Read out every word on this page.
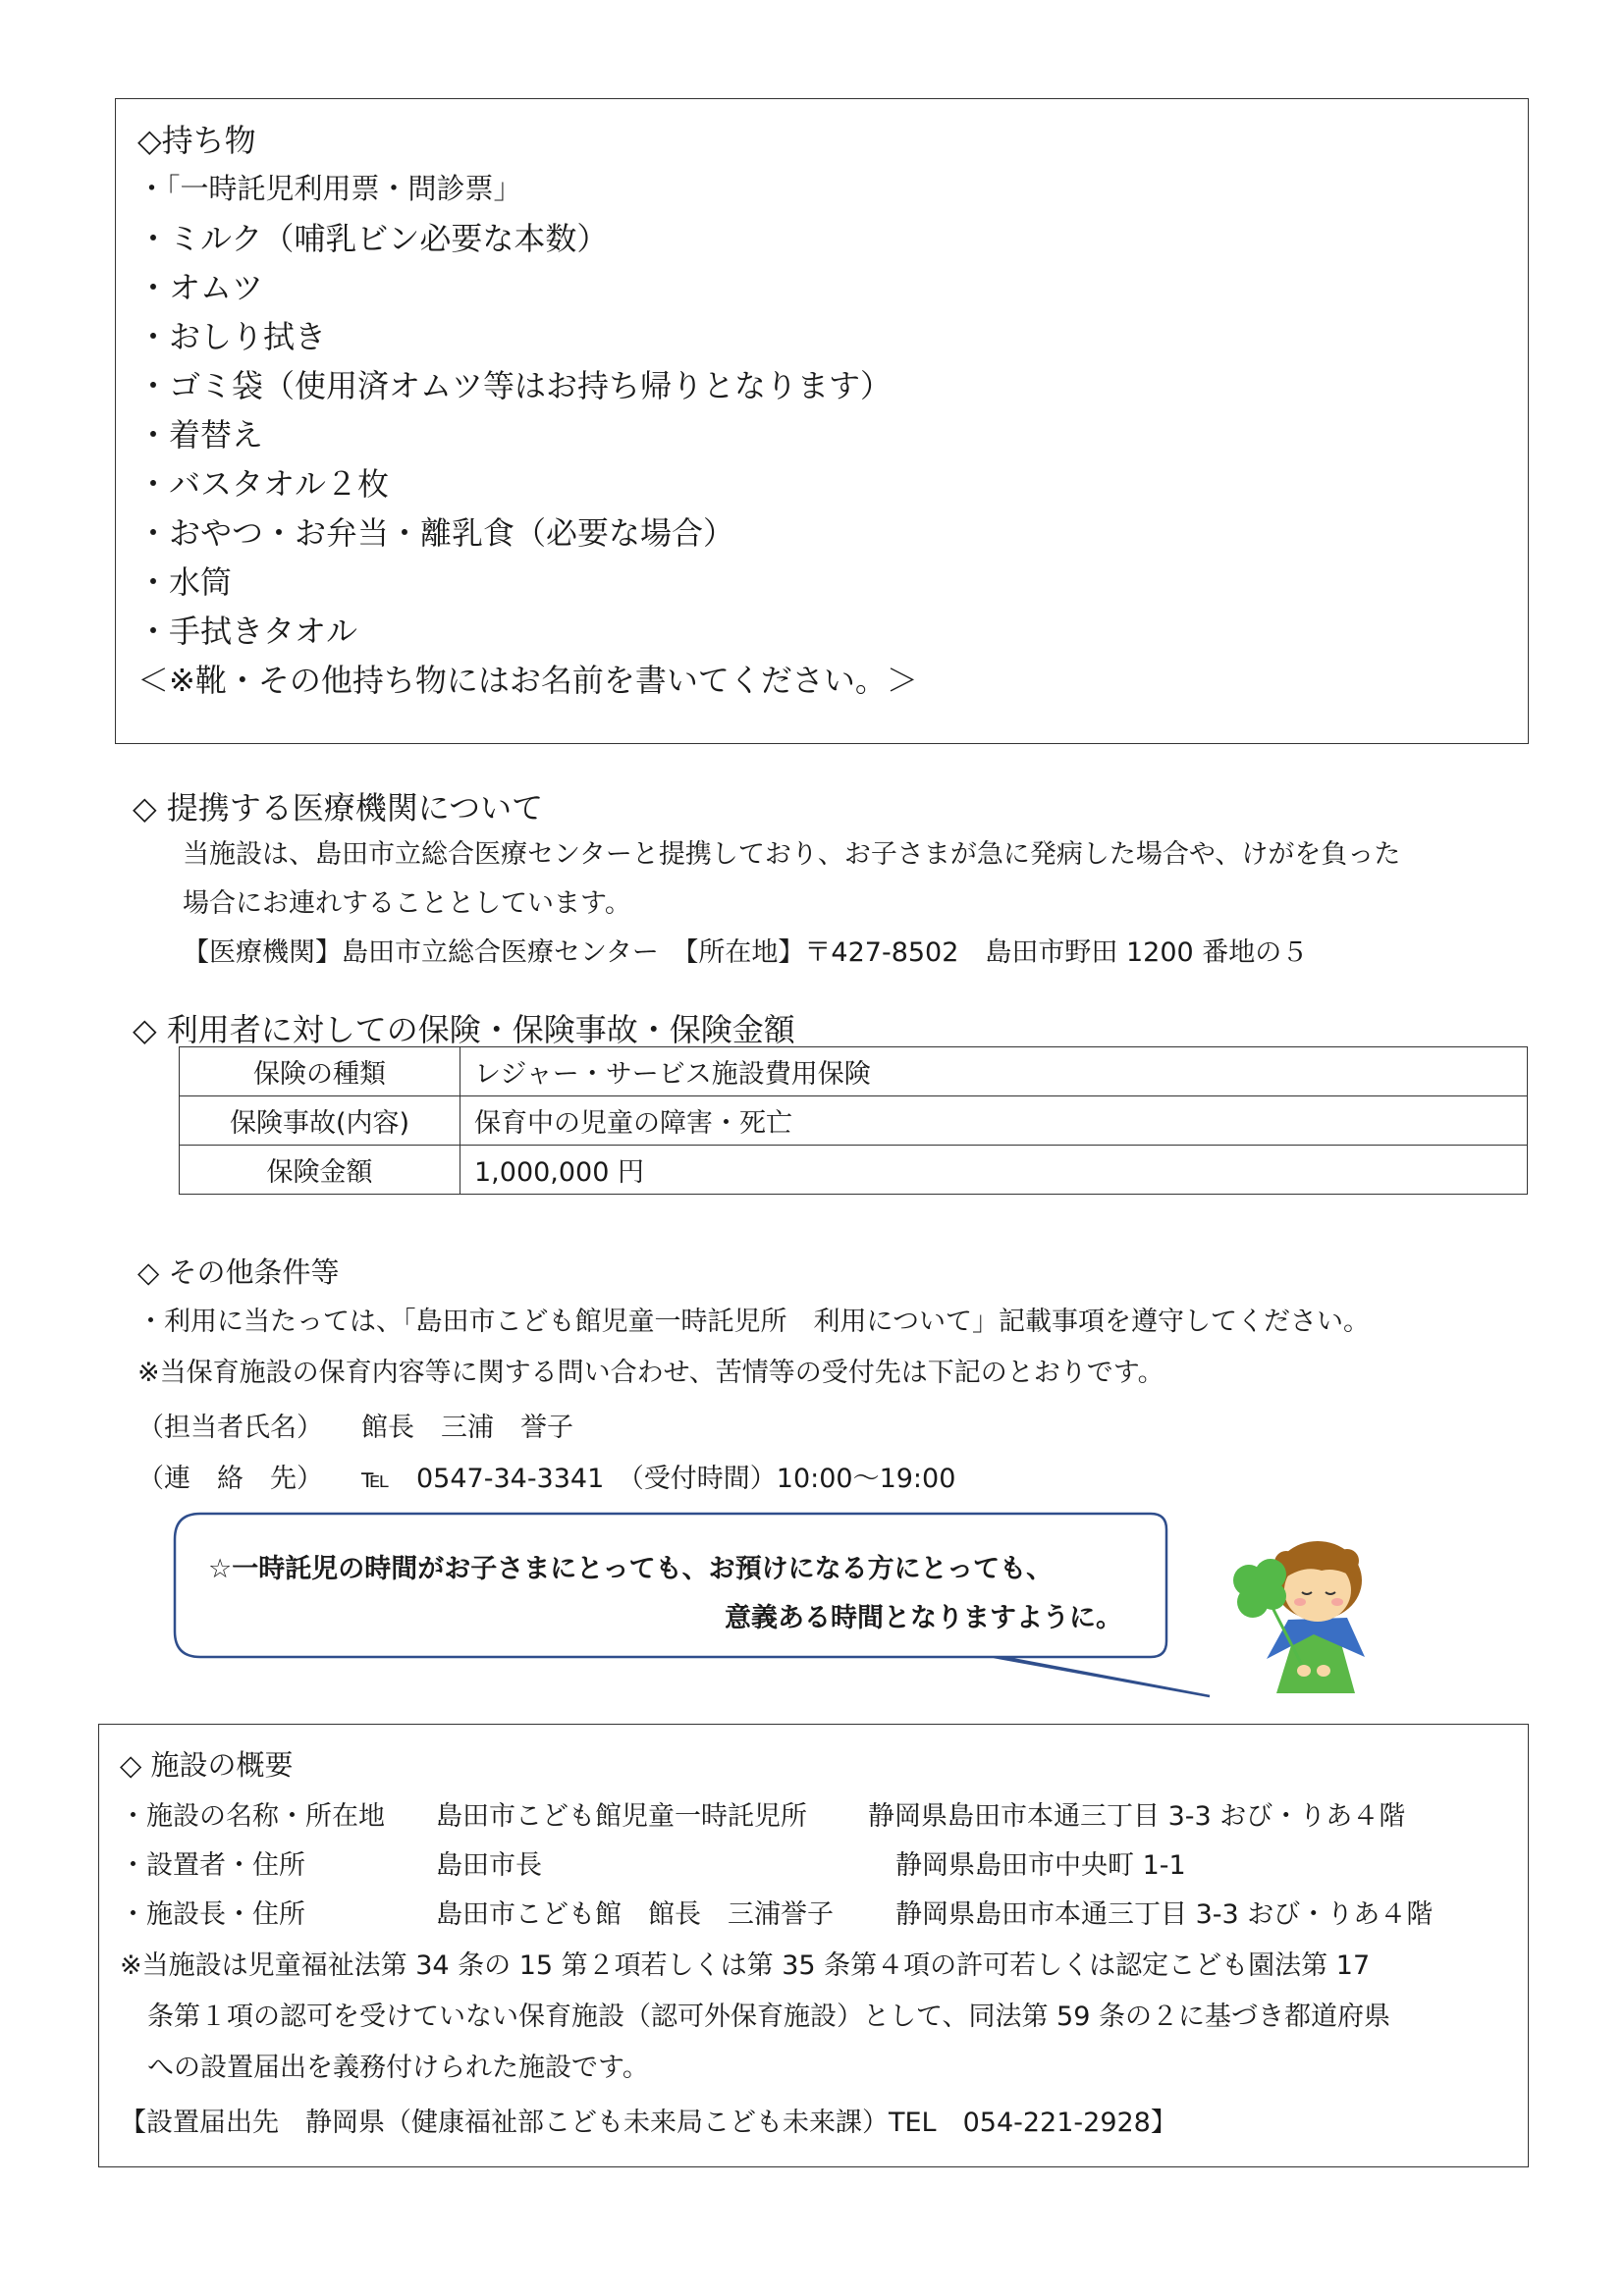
◇持ち物
・「一時託児利用票・問診票」
・ミルク（哺乳ビン必要な本数）
・オムツ
・おしり拭き
・ゴミ袋（使用済オムツ等はお持ち帰りとなります）
・着替え
・バスタオル２枚
・おやつ・お弁当・離乳食（必要な場合）
・水筒
・手拭きタオル
＜※靴・その他持ち物にはお名前を書いてください。＞
◇ 提携する医療機関について
当施設は、島田市立総合医療センターと提携しており、お子さまが急に発病した場合や、けがを負った
場合にお連れすることとしています。
【医療機関】島田市立総合医療センター　【所在地】〒427-8502　島田市野田 1200 番地の５
◇ 利用者に対しての保険・保険事故・保険金額
保険の種類	レジャー・サービス施設費用保険
保険事故(内容)	保育中の児童の障害・死亡
保険金額	1,000,000 円
◇ その他条件等
・利用に当たっては、「島田市こども館児童一時託児所　利用について」記載事項を遵守してください。
※当保育施設の保育内容等に関する問い合わせ、苦情等の受付先は下記のとおりです。
（担当者氏名） 館長　三浦　誉子
（連　絡　先） ℡　0547-34-3341　（受付時間）10:00～19:00
☆一時託児の時間がお子さまにとっても、お預けになる方にとっても、
意義ある時間となりますように。
◇ 施設の概要
・施設の名称・所在地 島田市こども館児童一時託児所 静岡県島田市本通三丁目 3-3 おび・りあ４階
・設置者・住所	島田市長	静岡県島田市中央町 1-1
・施設長・住所	島田市こども館　館長　三浦誉子 静岡県島田市本通三丁目 3-3 おび・りあ４階
※当施設は児童福祉法第 34 条の 15 第２項若しくは第 35 条第４項の許可若しくは認定こども園法第 17
条第１項の認可を受けていない保育施設（認可外保育施設）として、同法第 59 条の２に基づき都道府県
への設置届出を義務付けられた施設です。
【設置届出先　静岡県（健康福祉部こども未来局こども未来課）TEL　054-221-2928】
